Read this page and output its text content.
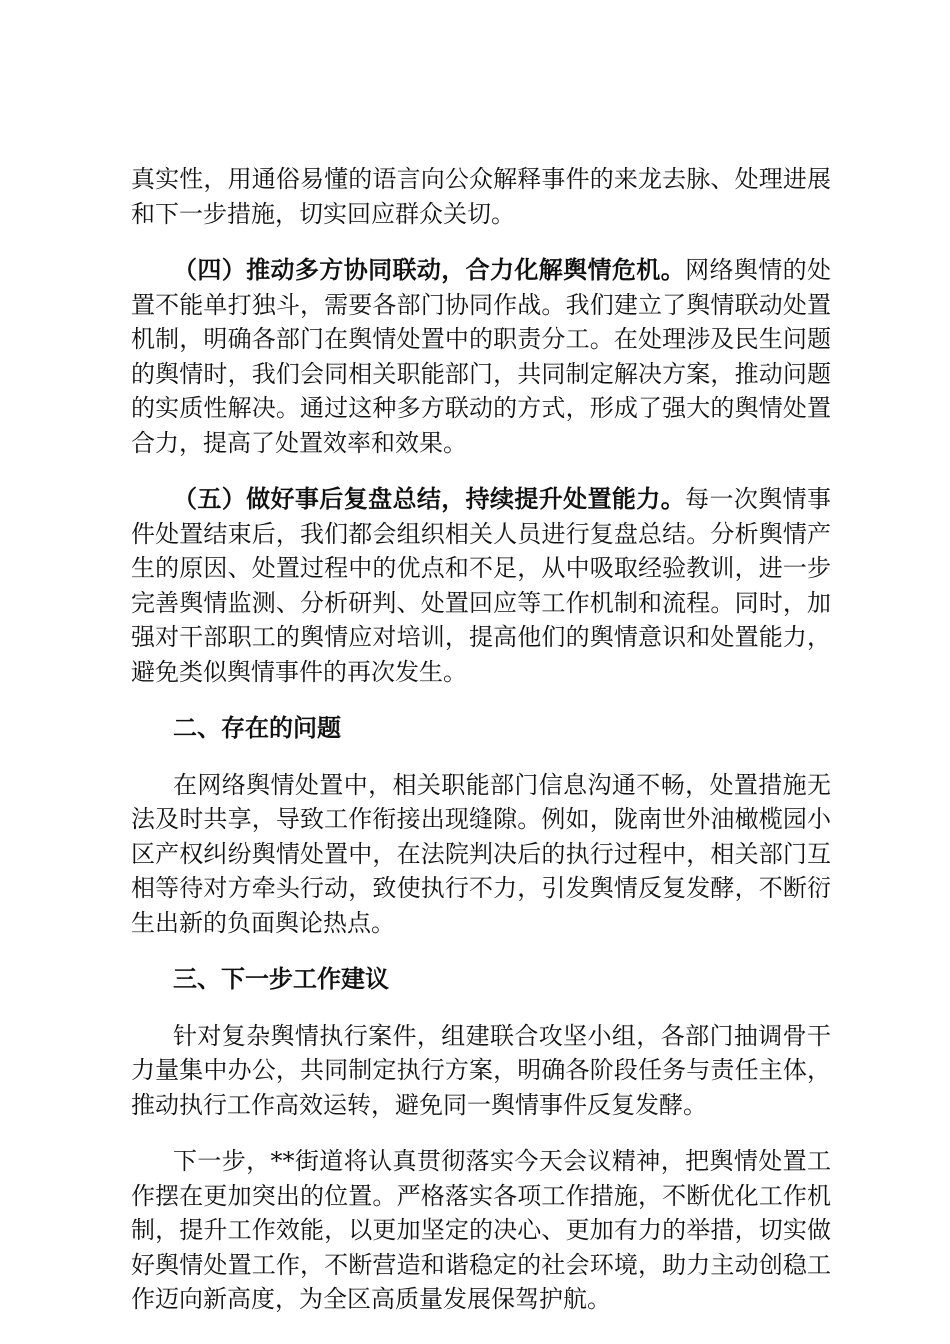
真实性，用通俗易懂的语言向公众解释事件的来龙去脉、处理进展和下一步措施，切实回应群众关切。

（四）推动多方协同联动，合力化解舆情危机。网络舆情的处置不能单打独斗，需要各部门协同作战。我们建立了舆情联动处置机制，明确各部门在舆情处置中的职责分工。在处理涉及民生问题的舆情时，我们会同相关职能部门，共同制定解决方案，推动问题的实质性解决。通过这种多方联动的方式，形成了强大的舆情处置合力，提高了处置效率和效果。

（五）做好事后复盘总结，持续提升处置能力。每一次舆情事件处置结束后，我们都会组织相关人员进行复盘总结。分析舆情产生的原因、处置过程中的优点和不足，从中吸取经验教训，进一步完善舆情监测、分析研判、处置回应等工作机制和流程。同时，加强对干部职工的舆情应对培训，提高他们的舆情意识和处置能力，避免类似舆情事件的再次发生。

二、存在的问题

在网络舆情处置中，相关职能部门信息沟通不畅，处置措施无法及时共享，导致工作衔接出现缝隙。例如，陇南世外油橄榄园小区产权纠纷舆情处置中，在法院判决后的执行过程中，相关部门互相等待对方牵头行动，致使执行不力，引发舆情反复发酵，不断衍生出新的负面舆论热点。

三、下一步工作建议

针对复杂舆情执行案件，组建联合攻坚小组，各部门抽调骨干力量集中办公，共同制定执行方案，明确各阶段任务与责任主体，推动执行工作高效运转，避免同一舆情事件反复发酵。

下一步，**街道将认真贯彻落实今天会议精神，把舆情处置工作摆在更加突出的位置。严格落实各项工作措施，不断优化工作机制，提升工作效能，以更加坚定的决心、更加有力的举措，切实做好舆情处置工作，不断营造和谐稳定的社会环境，助力主动创稳工作迈向新高度，为全区高质量发展保驾护航。
